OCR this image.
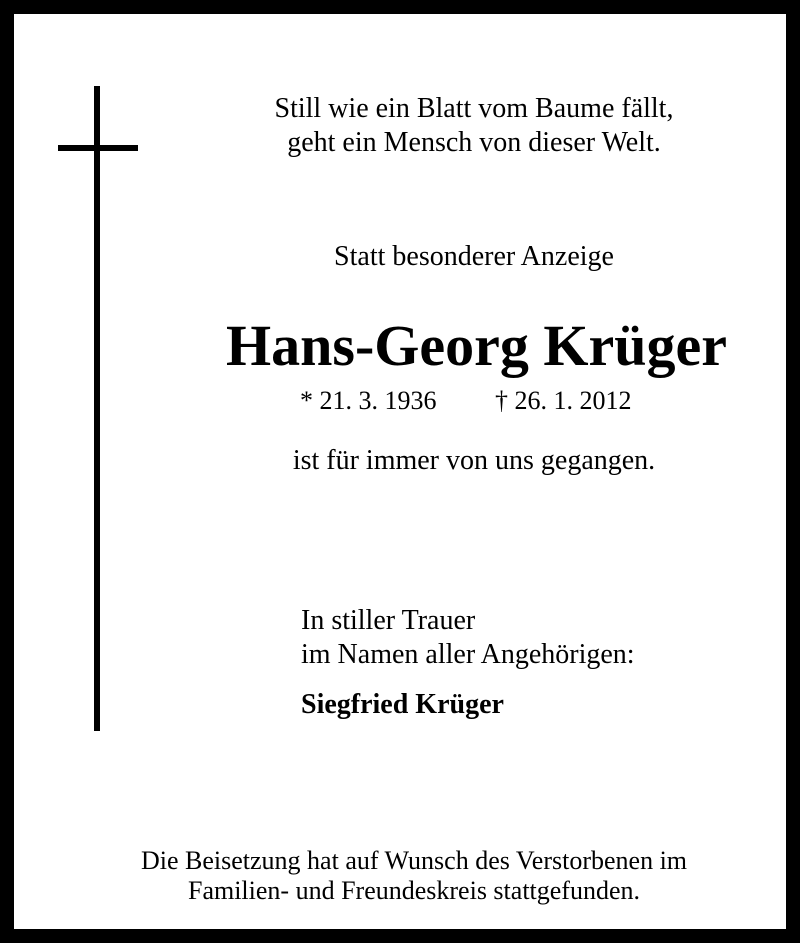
Still wie ein Blatt vom Baume fällt,
geht ein Mensch von dieser Welt.
Statt besonderer Anzeige
Hans-Georg Krüger
* 21. 3. 1936 † 26. 1. 2012
ist für immer von uns gegangen.
In stiller Trauer
im Namen aller Angehörigen:
Siegfried Krüger
Die Beisetzung hat auf Wunsch des Verstorbenen im
Familien- und Freundeskreis stattgefunden.
